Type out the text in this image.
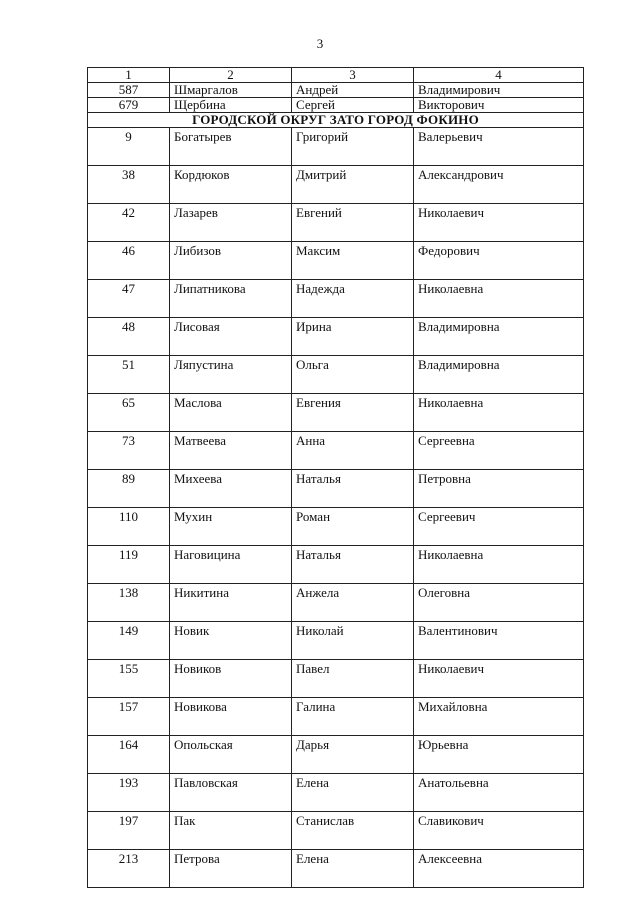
3
1	2	3	4
587	Шмаргалов	Андрей	Владимирович
679	Щербина	Сергей	Викторович
ГОРОДСКОЙ ОКРУГ ЗАТО ГОРОД ФОКИНО			
9	Богатырев	Григорий	Валерьевич
38	Кордюков	Дмитрий	Александрович
42	Лазарев	Евгений	Николаевич
46	Либизов	Максим	Федорович
47	Липатникова	Надежда	Николаевна
48	Лисовая	Ирина	Владимировна
51	Ляпустина	Ольга	Владимировна
65	Маслова	Евгения	Николаевна
73	Матвеева	Анна	Сергеевна
89	Михеева	Наталья	Петровна
110	Мухин	Роман	Сергеевич
119	Наговицина	Наталья	Николаевна
138	Никитина	Анжела	Олеговна
149	Новик	Николай	Валентинович
155	Новиков	Павел	Николаевич
157	Новикова	Галина	Михайловна
164	Опольская	Дарья	Юрьевна
193	Павловская	Елена	Анатольевна
197	Пак	Станислав	Славикович
213	Петрова	Елена	Алексеевна
